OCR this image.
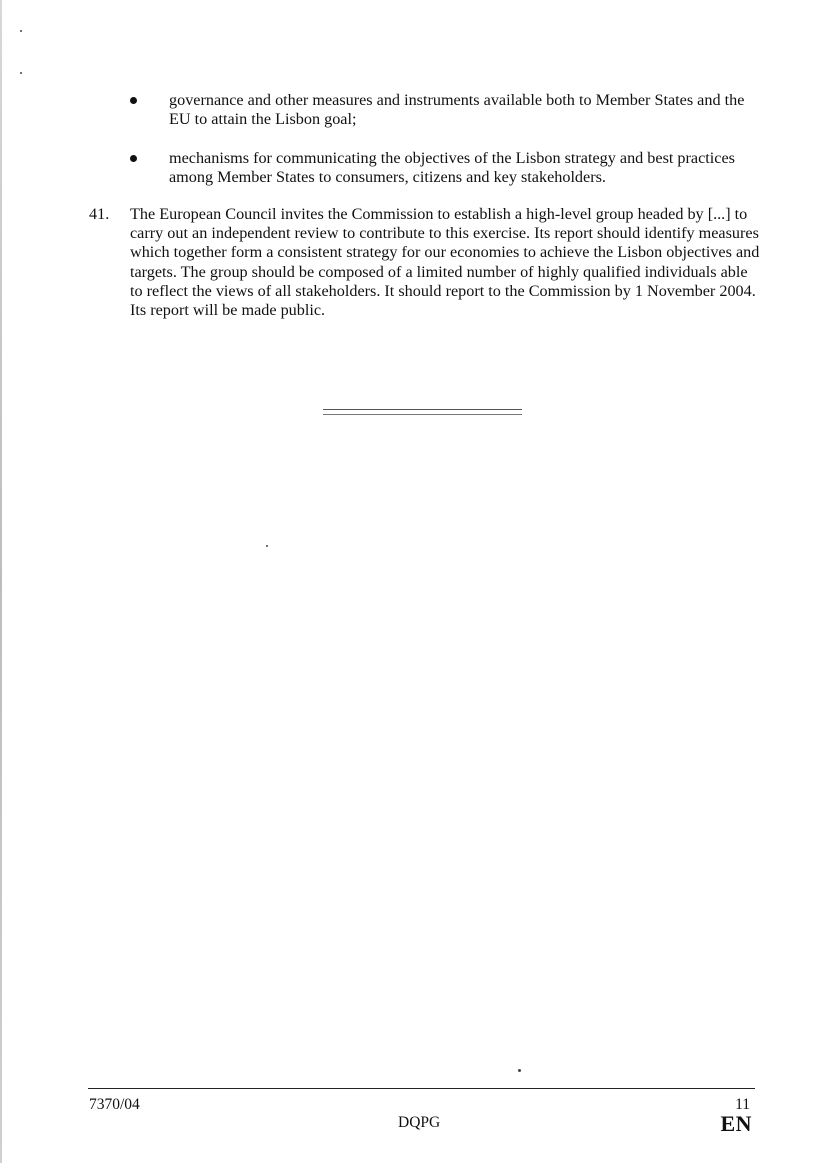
governance and other measures and instruments available both to Member States and the EU to attain the Lisbon goal;
mechanisms for communicating the objectives of the Lisbon strategy and best practices among Member States to consumers, citizens and key stakeholders.
41. The European Council invites the Commission to establish a high-level group headed by [...] to carry out an independent review to contribute to this exercise. Its report should identify measures which together form a consistent strategy for our economies to achieve the Lisbon objectives and targets. The group should be composed of a limited number of highly qualified individuals able to reflect the views of all stakeholders. It should report to the Commission by 1 November 2004. Its report will be made public.
7370/04
DQPG
11
EN
